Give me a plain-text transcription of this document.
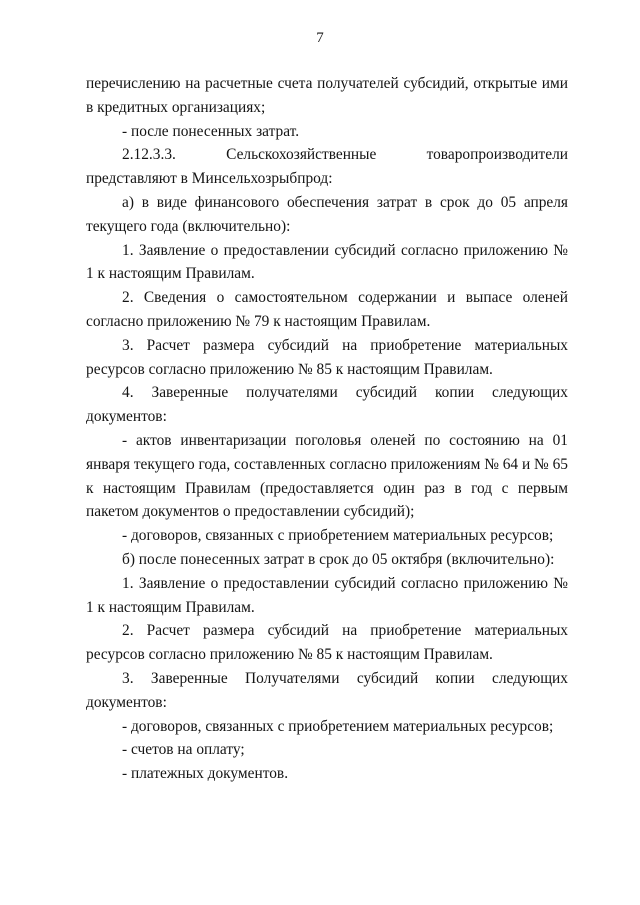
7

перечислению на расчетные счета получателей субсидий, открытые ими в кредитных организациях;

- после понесенных затрат.

2.12.3.3. Сельскохозяйственные товаропроизводители представляют в Минсельхозрыбпрод:

а) в виде финансового обеспечения затрат в срок до 05 апреля текущего года (включительно):

1. Заявление о предоставлении субсидий согласно приложению № 1 к настоящим Правилам.

2. Сведения о самостоятельном содержании и выпасе оленей согласно приложению № 79 к настоящим Правилам.

3. Расчет размера субсидий на приобретение материальных ресурсов согласно приложению № 85 к настоящим Правилам.

4. Заверенные получателями субсидий копии следующих документов:

- актов инвентаризации поголовья оленей по состоянию на 01 января текущего года, составленных согласно приложениям № 64 и № 65 к настоящим Правилам (предоставляется один раз в год с первым пакетом документов о предоставлении субсидий);

- договоров, связанных с приобретением материальных ресурсов;

б) после понесенных затрат в срок до 05 октября (включительно):

1. Заявление о предоставлении субсидий согласно приложению № 1 к настоящим Правилам.

2. Расчет размера субсидий на приобретение материальных ресурсов согласно приложению № 85 к настоящим Правилам.

3. Заверенные Получателями субсидий копии следующих документов:

- договоров, связанных с приобретением материальных ресурсов;

- счетов на оплату;

- платежных документов.
